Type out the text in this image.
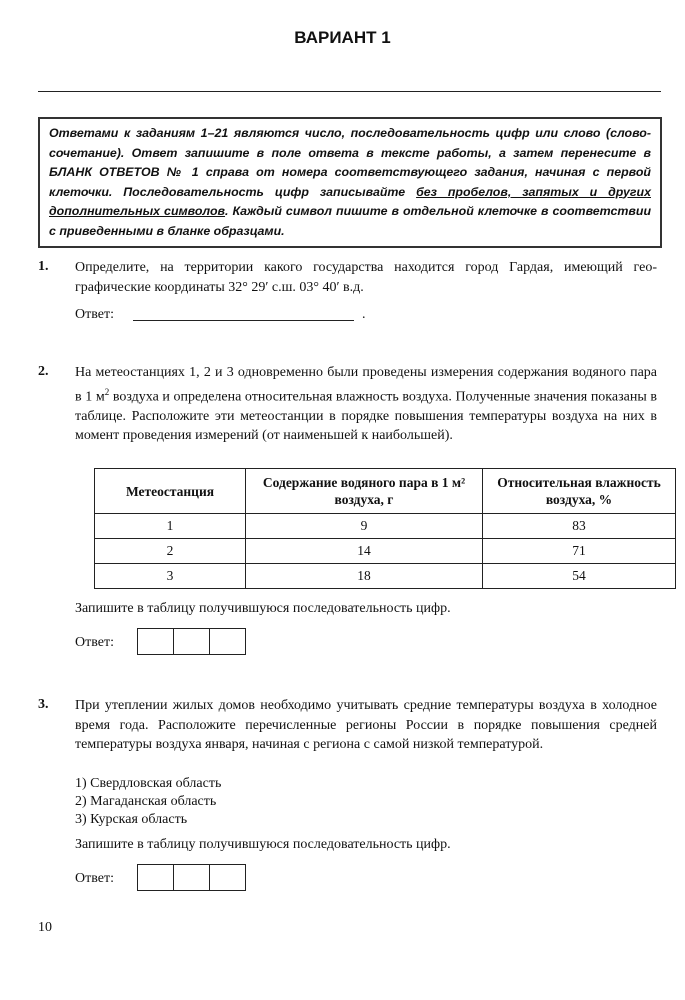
ВАРИАНТ 1
Ответами к заданиям 1–21 являются число, последовательность цифр или слово (словосочетание). Ответ запишите в поле ответа в тексте работы, а затем перенесите в БЛАНК ОТВЕТОВ № 1 справа от номера соответствующего задания, начиная с первой клеточки. Последовательность цифр записывайте без пробелов, запятых и других дополнительных символов. Каждый символ пишите в отдельной клеточке в соответствии с приведенными в бланке образцами.
1. Определите, на территории какого государства находится город Гардая, имеющий географические координаты 32° 29′ с.ш. 03° 40′ в.д.
Ответ:	.
2. На метеостанциях 1, 2 и 3 одновременно были проведены измерения содержания водяного пара в 1 $м^2$ воздуха и определена относительная влажность воздуха. Полученные значения показаны в таблице. Расположите эти метеостанции в порядке повышения температуры воздуха на них в момент проведения измерений (от наименьшей к наибольшей).
Метеостанция	Содержание водяного пара в 1 м² воздуха, г	Относительная влажность воздуха, %
1	9	83
2	14	71
3	18	54
Запишите в таблицу получившуюся последовательность цифр.
Ответ:
3. При утеплении жилых домов необходимо учитывать средние температуры воздуха в холодное время года. Расположите перечисленные регионы России в порядке повышения средней температуры воздуха января, начиная с региона с самой низкой температурой.
1) Свердловская область
2) Магаданская область
3) Курская область
Запишите в таблицу получившуюся последовательность цифр.
Ответ:
10
